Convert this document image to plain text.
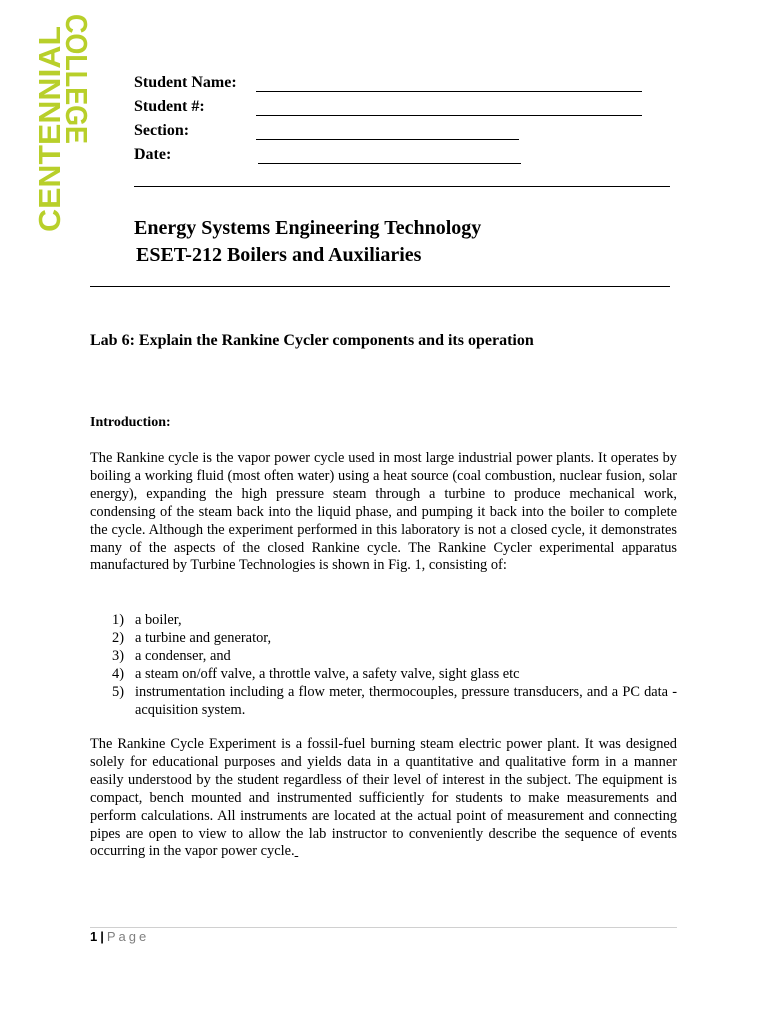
COLLEGE
CENTENNIAL	Student Name:
Student #:
Section:
Date:
Energy Systems Engineering Technology
ESET-212 Boilers and Auxiliaries
Lab 6: Explain the Rankine Cycler components and its operation
Introduction:

The Rankine cycle is the vapor power cycle used in most large industrial power plants. It operates by boiling a working fluid (most often water) using a heat source (coal combustion, nuclear fusion, solar energy), expanding the high pressure steam through a turbine to produce mechanical work, condensing of the steam back into the liquid phase, and pumping it back into the boiler to complete the cycle. Although the experiment performed in this laboratory is not a closed cycle, it demonstrates many of the aspects of the closed Rankine cycle. The Rankine Cycler experimental apparatus manufactured by Turbine Technologies is shown in Fig. 1, consisting of:

1) a boiler,
2) a turbine and generator,
3) a condenser, and
4) a steam on/off valve, a throttle valve, a safety valve, sight glass etc
5) instrumentation including a flow meter, thermocouples, pressure transducers, and a PC data -acquisition system.

The Rankine Cycle Experiment is a fossil-fuel burning steam electric power plant. It was designed solely for educational purposes and yields data in a quantitative and qualitative form in a manner easily understood by the student regardless of their level of interest in the subject. The equipment is compact, bench mounted and instrumented sufficiently for students to make measurements and perform calculations. All instruments are located at the actual point of measurement and connecting pipes are open to view to allow the lab instructor to conveniently describe the sequence of events occurring in the vapor power cycle.

1 | Page
